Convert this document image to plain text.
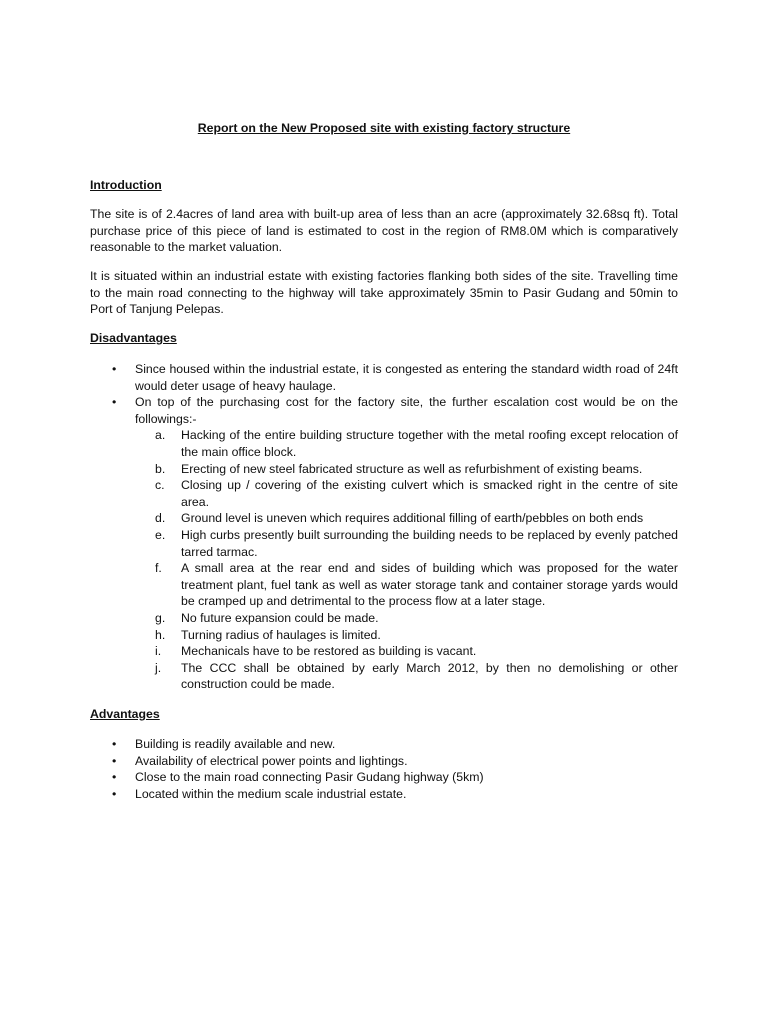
Report on the New Proposed site with existing factory structure
Introduction

The site is of 2.4acres of land area with built-up area of less than an acre (approximately 32.68sq ft). Total purchase price of this piece of land is estimated to cost in the region of RM8.0M which is comparatively reasonable to the market valuation.

It is situated within an industrial estate with existing factories flanking both sides of the site. Travelling time to the main road connecting to the highway will take approximately 35min to Pasir Gudang and 50min to Port of Tanjung Pelepas.

Disadvantages
•	Since housed within the industrial estate, it is congested as entering the standard width road of 24ft would deter usage of heavy haulage.
•	On top of the purchasing cost for the factory site, the further escalation cost would be on the followings:-
a.	Hacking of the entire building structure together with the metal roofing except relocation of the main office block.
b.	Erecting of new steel fabricated structure as well as refurbishment of existing beams.
c.	Closing up / covering of the existing culvert which is smacked right in the centre of site area.
d.	Ground level is uneven which requires additional filling of earth/pebbles on both ends
e.	High curbs presently built surrounding the building needs to be replaced by evenly patched tarred tarmac.
f.	A small area at the rear end and sides of building which was proposed for the water treatment plant, fuel tank as well as water storage tank and container storage yards would be cramped up and detrimental to the process flow at a later stage.
g.	No future expansion could be made.
h.	Turning radius of haulages is limited.
i.	Mechanicals have to be restored as building is vacant.
j.	The CCC shall be obtained by early March 2012, by then no demolishing or other construction could be made.
Advantages
•	Building is readily available and new.
•	Availability of electrical power points and lightings.
•	Close to the main road connecting Pasir Gudang highway (5km)
•	Located within the medium scale industrial estate.
